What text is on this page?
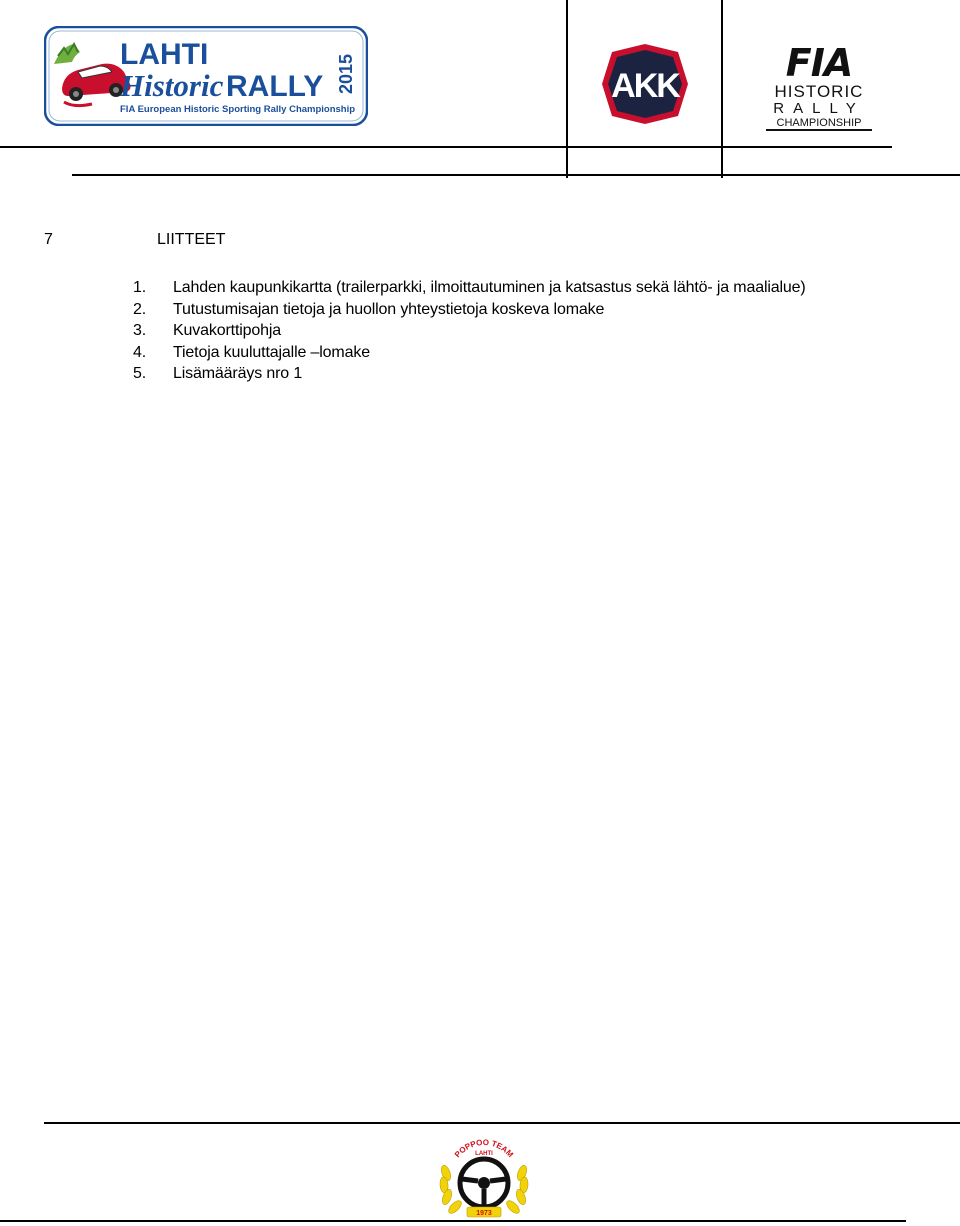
LAHTI
Historic RALLY 2015
FIA European Historic Sporting Rally Championship
AKK
FIA
HISTORIC
RALLY
CHAMPIONSHIP
7	LIITTEET
1.	Lahden kaupunkikartta (trailerparkki, ilmoittautuminen ja katsastus sekä lähtö- ja maalialue)
2.	Tutustumisajan tietoja ja huollon yhteystietoja koskeva lomake
3.	Kuvakorttipohja
4.	Tietoja kuuluttajalle –lomake
5.	Lisämääräys nro 1
POPPOO TEAM
LAHTI
1973
